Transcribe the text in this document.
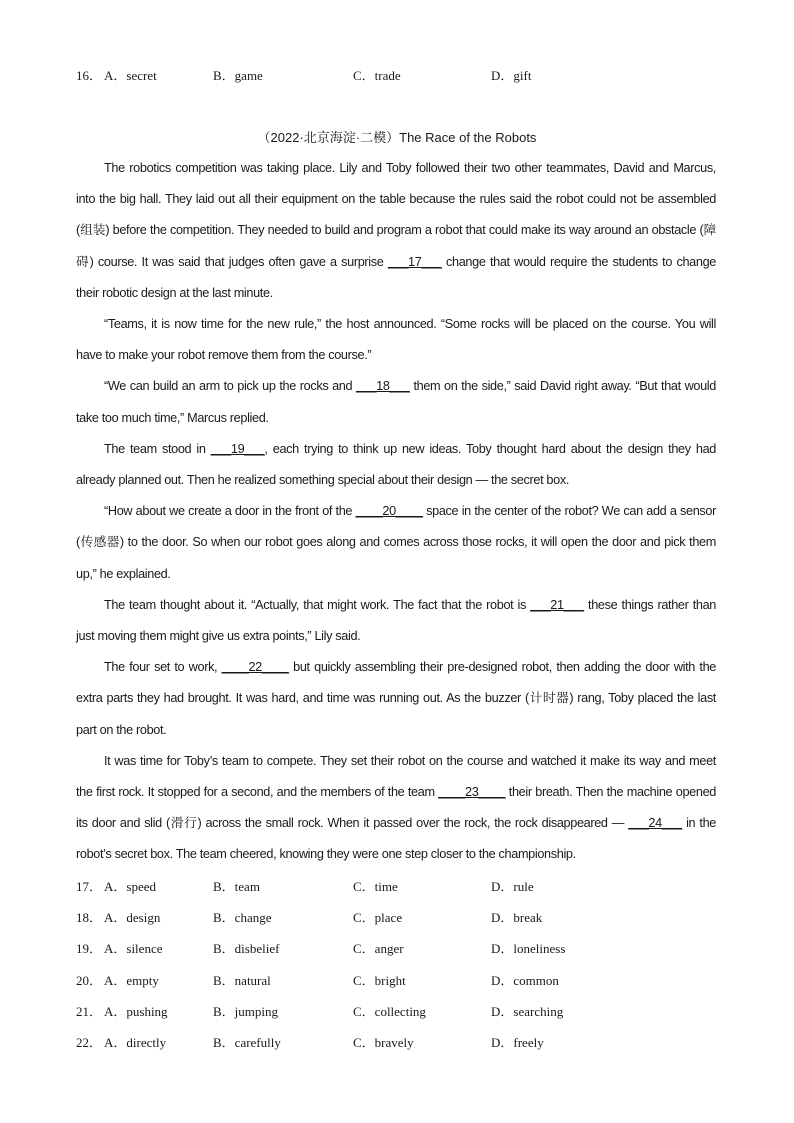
16． A．secret	B．game	C．trade	D．gift
（2022·北京海淀·二模）The Race of the Robots

The robotics competition was taking place. Lily and Toby followed their two other teammates, David and Marcus, into the big hall. They laid out all their equipment on the table because the rules said the robot could not be assembled (组装) before the competition. They needed to build and program a robot that could make its way around an obstacle (障碍) course. It was said that judges often gave a surprise ___17___ change that would require the students to change their robotic design at the last minute.

“Teams, it is now time for the new rule,” the host announced. “Some rocks will be placed on the course. You will have to make your robot remove them from the course.”

“We can build an arm to pick up the rocks and ___18___ them on the side,” said David right away. “But that would take too much time,” Marcus replied.

The team stood in ___19___, each trying to think up new ideas. Toby thought hard about the design they had already planned out. Then he realized something special about their design — the secret box.

“How about we create a door in the front of the ____20____ space in the center of the robot? We can add a sensor (传感器) to the door. So when our robot goes along and comes across those rocks, it will open the door and pick them up,” he explained.

The team thought about it. “Actually, that might work. The fact that the robot is ___21___ these things rather than just moving them might give us extra points,” Lily said.

The four set to work, ____22____ but quickly assembling their pre-designed robot, then adding the door with the extra parts they had brought. It was hard, and time was running out. As the buzzer (计时器) rang, Toby placed the last part on the robot.

It was time for Toby’s team to compete. They set their robot on the course and watched it make its way and meet the first rock. It stopped for a second, and the members of the team ____23____ their breath. Then the machine opened its door and slid (滑行) across the small rock. When it passed over the rock, the rock disappeared — ___24___ in the robot’s secret box. The team cheered, knowing they were one step closer to the championship.

17． A．speed	B．team	C．time	D．rule
18． A．design	B．change	C．place	D．break
19． A．silence	B．disbelief	C．anger	D．loneliness
20． A．empty	B．natural	C．bright	D．common
21． A．pushing	B．jumping	C．collecting	D．searching
22． A．directly	B．carefully	C．bravely	D．freely
